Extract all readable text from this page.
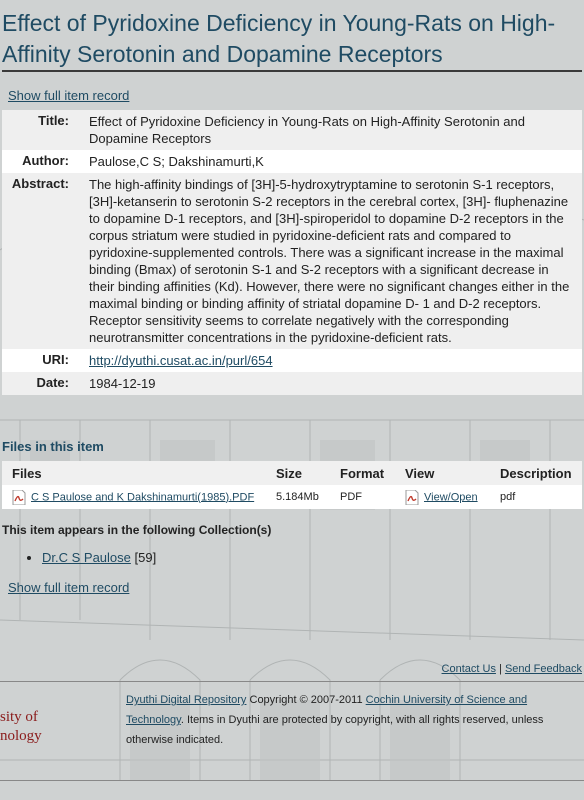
Effect of Pyridoxine Deficiency in Young-Rats on High-Affinity Serotonin and Dopamine Receptors
Show full item record
Title:	Effect of Pyridoxine Deficiency in Young-Rats on High-Affinity Serotonin and Dopamine Receptors
Author:	Paulose,C S; Dakshinamurti,K
Abstract:	The high-affinity bindings of [3H]-5-hydroxytryptamine to serotonin S-1 receptors, [3H]-ketanserin to serotonin S-2 receptors in the cerebral cortex, [3H]- fluphenazine to dopamine D-1 receptors, and [3H]-spiroperidol to dopamine D-2 receptors in the corpus striatum were studied in pyridoxine-deficient rats and compared to pyridoxine-supplemented controls. There was a significant increase in the maximal binding (Bmax) of serotonin S-1 and S-2 receptors with a significant decrease in their binding affinities (Kd). However, there were no significant changes either in the maximal binding or binding affinity of striatal dopamine D- 1 and D-2 receptors. Receptor sensitivity seems to correlate negatively with the corresponding neurotransmitter concentrations in the pyridoxine-deficient rats.
URI:	http://dyuthi.cusat.ac.in/purl/654
Date:	1984-12-19
Files in this item
Files	Size	Format	View	Description
C S Paulose and K Dakshinamurti(1985).PDF	5.184Mb	PDF	View/Open	pdf
This item appears in the following Collection(s)
• Dr.C S Paulose [59]
Show full item record
Contact Us | Send Feedback
sity of
nology
Dyuthi Digital Repository Copyright © 2007-2011 Cochin University of Science and Technology. Items in Dyuthi are protected by copyright, with all rights reserved, unless otherwise indicated.
